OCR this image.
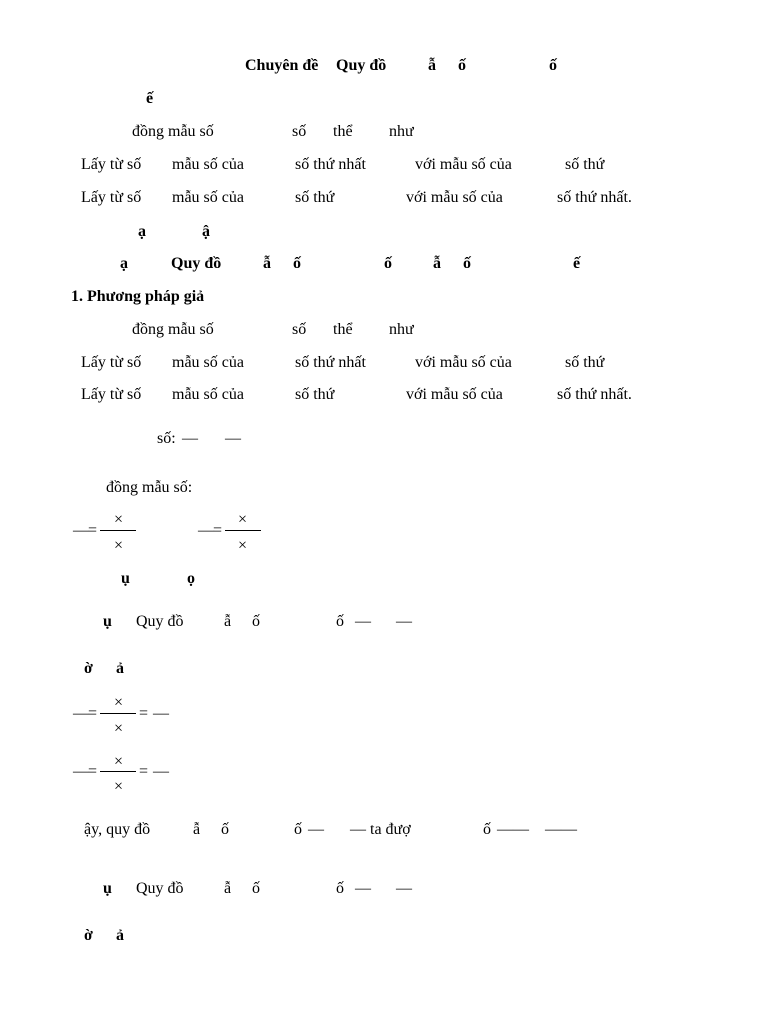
Chuyên đề Quy đồ	ẫ ố	ố
ế
đồng mẫu số	số thể như
Lấy từ số mẫu số của	số thứ nhất	với mẫu số của	số thứ
Lấy từ số mẫu số của	số thứ	với mẫu số của	số thứ nhất.
ạ	ậ
ạ	Quy đồ	ẫ ố	ố	ẫ ố	ế
1. Phương pháp giả
đồng mẫu số	số thể như
Lấy từ số mẫu số của	số thứ nhất	với mẫu số của	số thứ
Lấy từ số mẫu số của	số thứ	với mẫu số của	số thứ nhất.
số: — —
đồng mẫu số:
— =
×
×
— =
×
×
ụ	ọ
ụ Quy đồ	ẫ ố	ố — —
ờ ả
— =
×
×
= —
— =
×
×
= —
ậy, quy đồ	ẫ ố	ố — — ta đượ	ố —— ——
ụ Quy đồ	ẫ ố	ố — —
ờ ả
